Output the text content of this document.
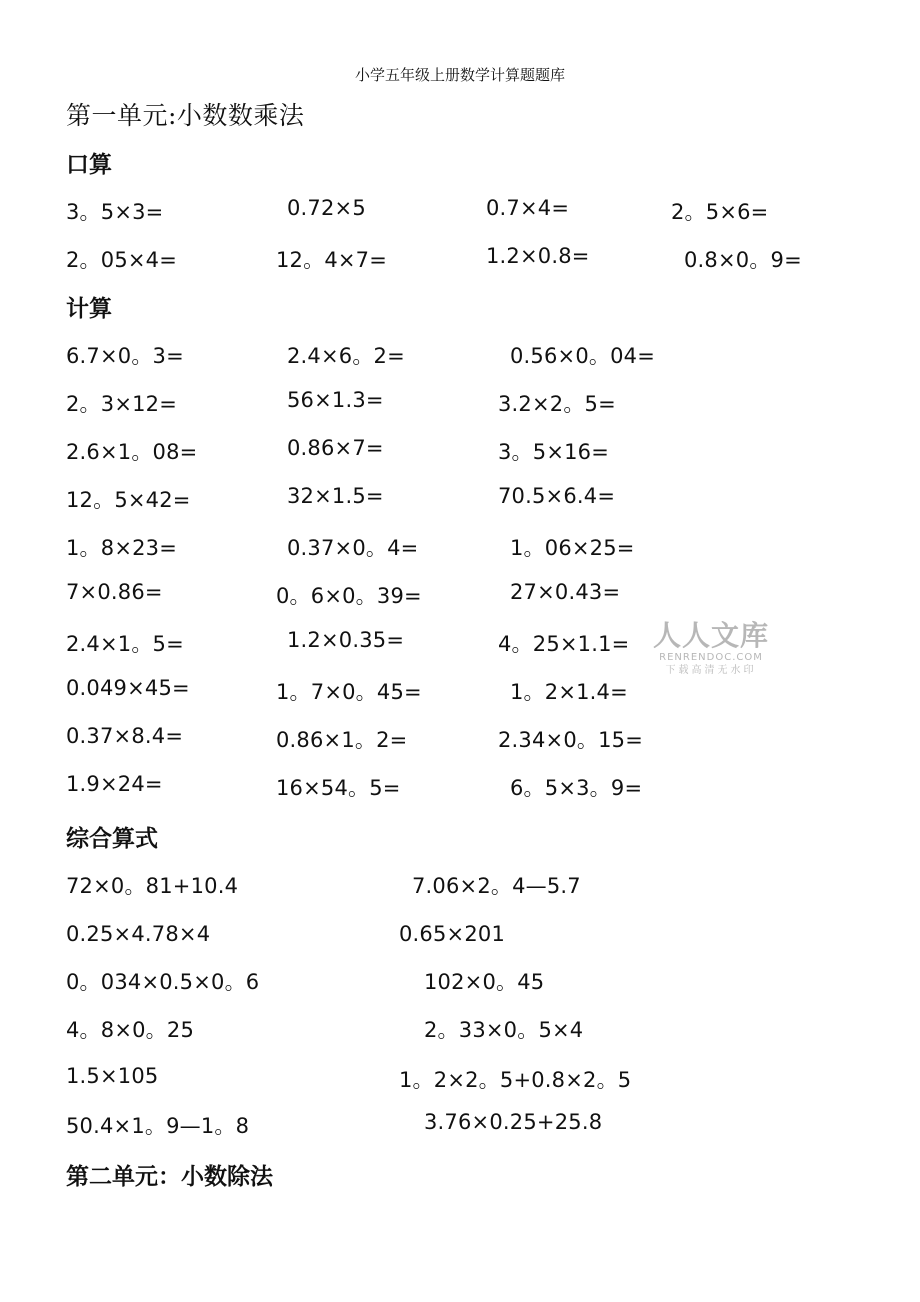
小学五年级上册数学计算题题库
第一单元:小数数乘法
口算
3。5×3=	0.72×5	0.7×4=	2。5×6=
2。05×4=	12。4×7=	1.2×0.8=	0.8×0。9=
计算
6.7×0。3=	2.4×6。2=	0.56×0。04=
2。3×12=	56×1.3=	3.2×2。5=
2.6×1。08=	0.86×7=	3。5×16=
12。5×42=	32×1.5=	70.5×6.4=
1。8×23=	0.37×0。4=	1。06×25=
7×0.86=	0。6×0。39=	27×0.43=
2.4×1。5=	1.2×0.35=	4。25×1.1=
0.049×45=	1。7×0。45=	1。2×1.4=
0.37×8.4=	0.86×1。2=	2.34×0。15=
1.9×24=	16×54。5=	6。5×3。9=
综合算式
72×0。81+10.4	7.06×2。4—5.7
0.25×4.78×4	0.65×201
0。034×0.5×0。6	102×0。45
4。8×0。25	2。33×0。5×4
1.5×105	1。2×2。5+0.8×2。5
50.4×1。9—1。8	3.76×0.25+25.8
第二单元：小数除法
人人文库
RENRENDOC.COM
下载高清无水印
